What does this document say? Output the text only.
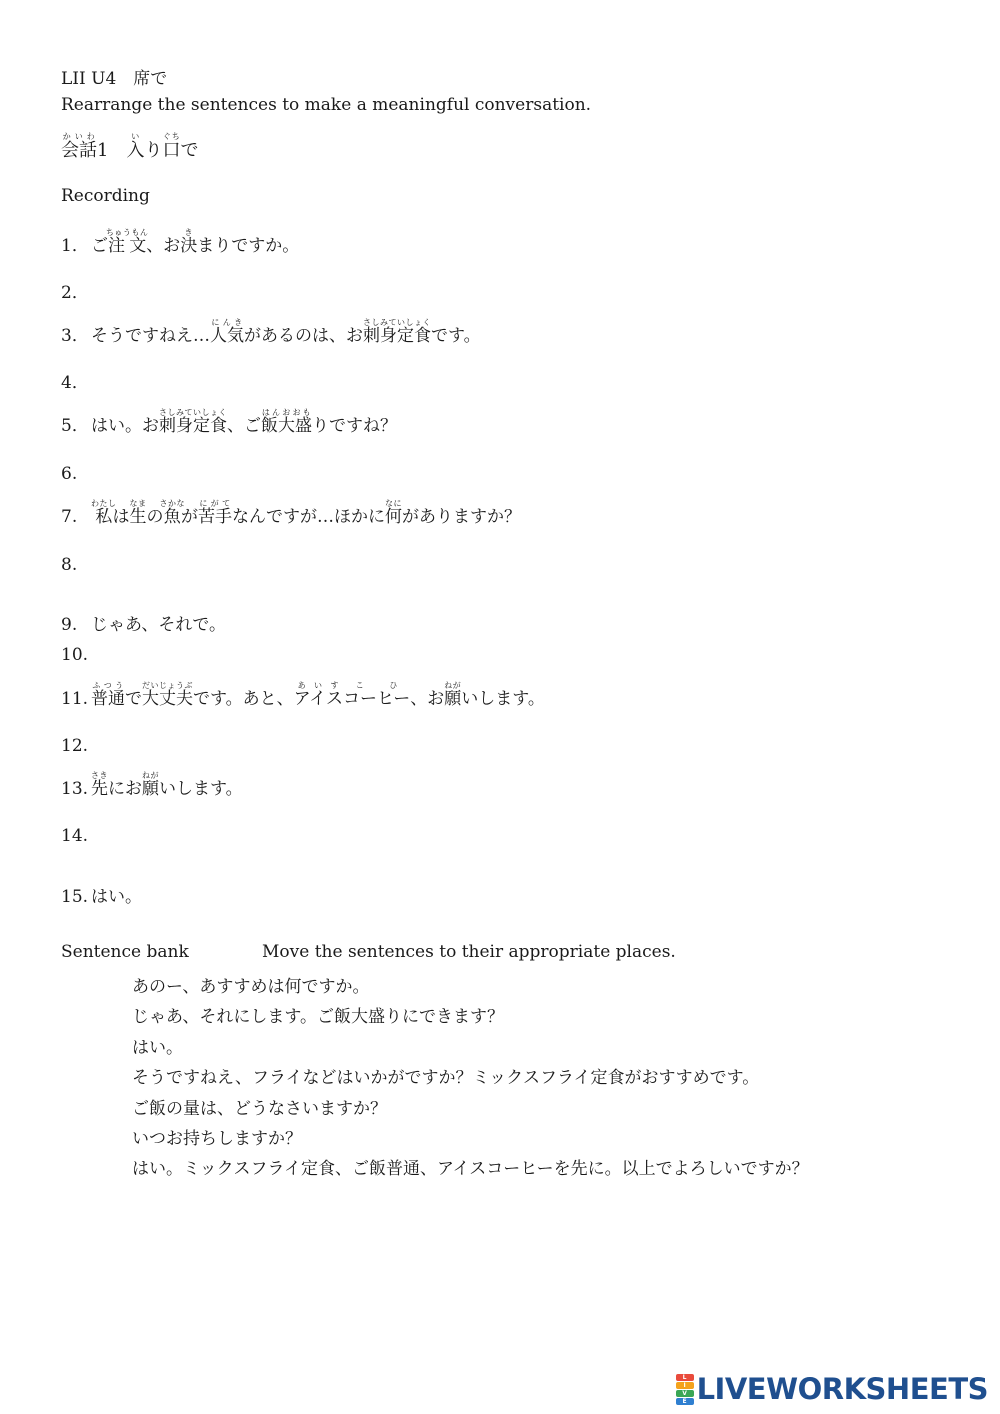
LII U4　席で
Rearrange the sentences to make a meaningful conversation.
会話かいわ1　入いり口ぐちで
Recording
1． ご注文ちゅうもん、お決きまりですか。
2．
3． そうですねえ…人気にんきがあるのは、お刺身定食さしみていしょくです。
4．
5． はい。お刺身定食さしみていしょく、ご飯大盛はんおおもりですね？
6.
7. 私わたしは生なまの魚さかなが苦手にがてなんですが…ほかに何なにがありますか？
8.
9. じゃあ、それで。
10.
11. 普通ふつうで大丈夫だいじょうぶです。あと、アイスあいすコーこヒーひ、お願ねがいします。
12.
13. 先さきにお願ねがいします。
14.
15. はい。
Sentence bank	Move the sentences to their appropriate places.
あのー、あすすめは何ですか。
じゃあ、それにします。ご飯大盛りにできます？
はい。
そうですねえ、フライなどはいかがですか？ミックスフライ定食がおすすめです。
ご飯の量は、どうなさいますか？
いつお持ちしますか？
はい。ミックスフライ定食、ご飯普通、アイスコーヒーを先に。以上でよろしいですか？
L
I
V
E LIVEWORKSHEETS
